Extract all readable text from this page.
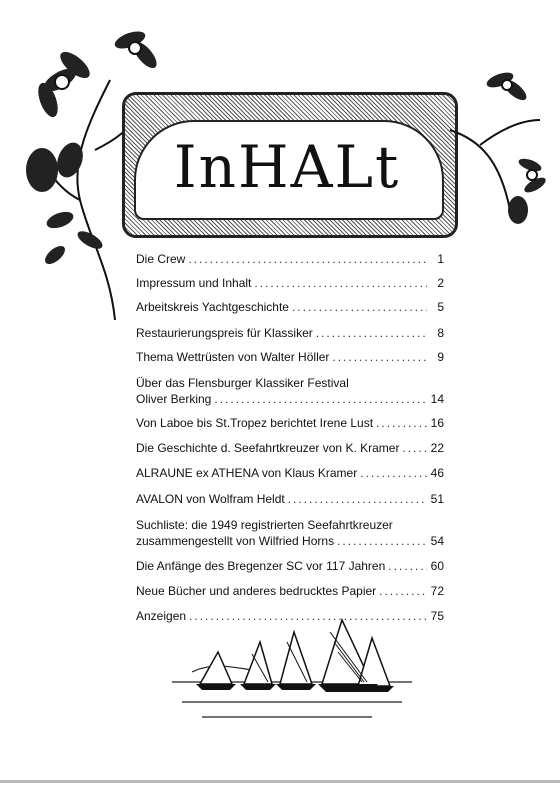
InHALt
Die Crew .....	1
Impressum und Inhalt .....	2
Arbeitskreis Yachtgeschichte .....	5
Restaurierungspreis für Klassiker .....	8
Thema Wettrüsten von Walter Höller .....	9
Über das Flensburger Klassiker Festival
Oliver Berking .....	14
Von Laboe bis St.Tropez berichtet Irene Lust .....	16
Die Geschichte d. Seefahrtkreuzer von K. Kramer .....	22
ALRAUNE ex ATHENA von Klaus Kramer .....	46
AVALON von Wolfram Heldt .....	51
Suchliste: die 1949 registrierten Seefahrtkreuzer
zusammengestellt von Wilfried Horns .....	54
Die Anfänge des Bregenzer SC vor 117 Jahren .....	60
Neue Bücher und anderes bedrucktes Papier .....	72
Anzeigen .....	75
